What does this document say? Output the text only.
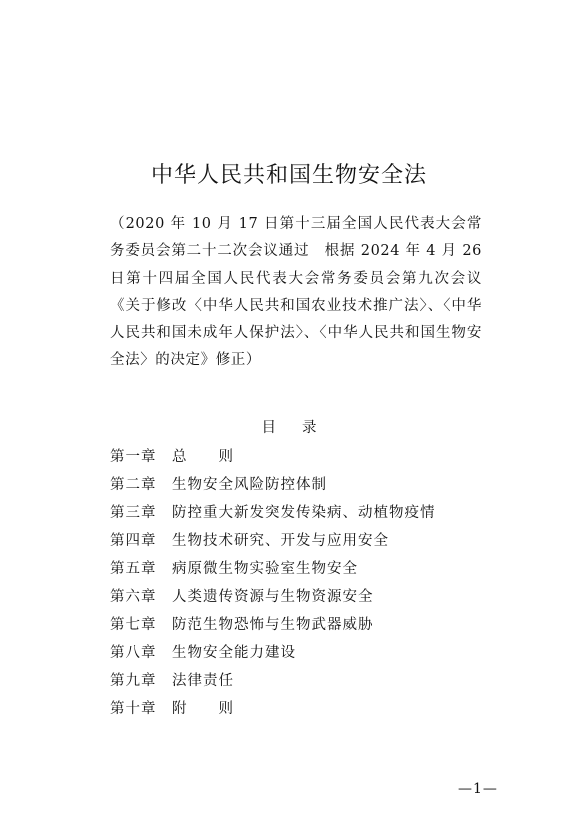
中华人民共和国生物安全法

（2020 年 10 月 17 日第十三届全国人民代表大会常务委员会第二十二次会议通过　根据 2024 年 4 月 26 日第十四届全国人民代表大会常务委员会第九次会议《关于修改〈中华人民共和国农业技术推广法〉、〈中华人民共和国未成年人保护法〉、〈中华人民共和国生物安全法〉的决定》修正）

目录
第一章	总　　则
第二章	生物安全风险防控体制
第三章	防控重大新发突发传染病、动植物疫情
第四章	生物技术研究、开发与应用安全
第五章	病原微生物实验室生物安全
第六章	人类遗传资源与生物资源安全
第七章	防范生物恐怖与生物武器威胁
第八章	生物安全能力建设
第九章	法律责任
第十章	附　　则
—1—
